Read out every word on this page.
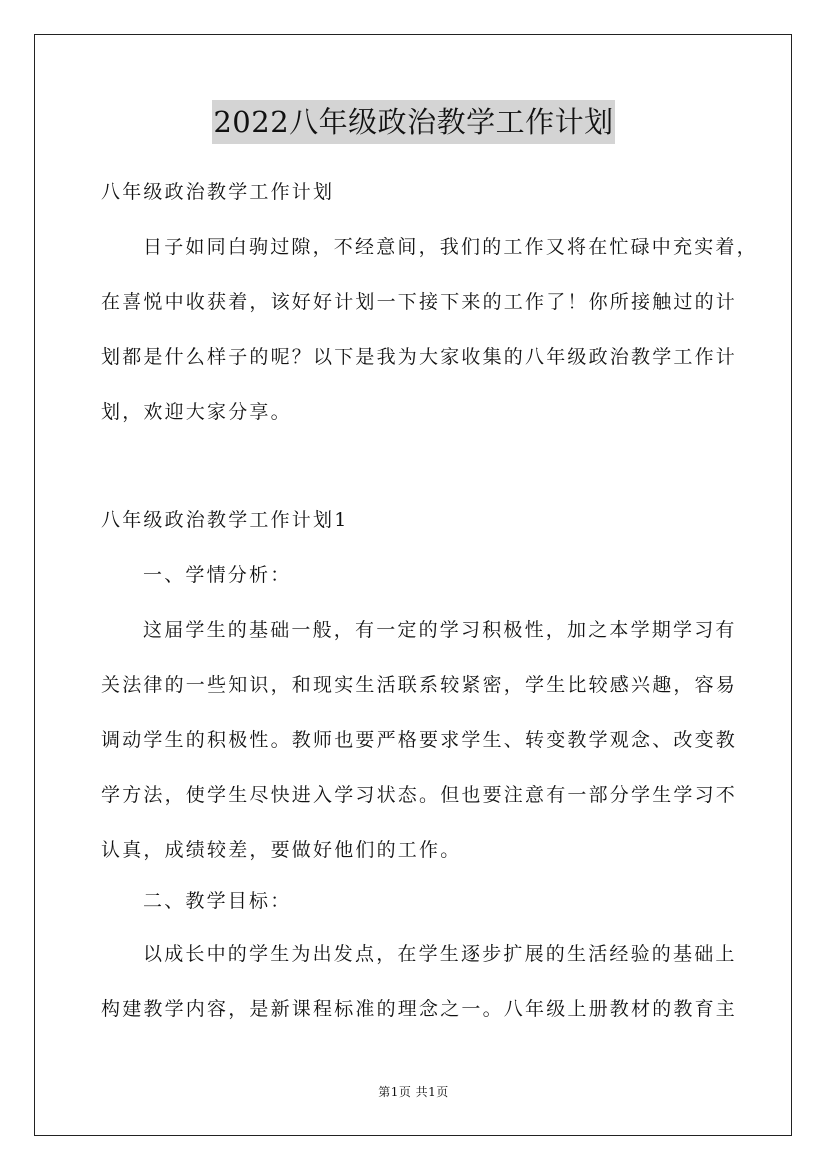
2022八年级政治教学工作计划
八年级政治教学工作计划
日子如同白驹过隙，不经意间，我们的工作又将在忙碌中充实着，
在喜悦中收获着，该好好计划一下接下来的工作了！你所接触过的计
划都是什么样子的呢？以下是我为大家收集的八年级政治教学工作计
划，欢迎大家分享。
八年级政治教学工作计划1
一、学情分析：
这届学生的基础一般，有一定的学习积极性，加之本学期学习有
关法律的一些知识，和现实生活联系较紧密，学生比较感兴趣，容易
调动学生的积极性。教师也要严格要求学生、转变教学观念、改变教
学方法，使学生尽快进入学习状态。但也要注意有一部分学生学习不
认真，成绩较差，要做好他们的工作。
二、教学目标：
以成长中的学生为出发点，在学生逐步扩展的生活经验的基础上
构建教学内容，是新课程标准的理念之一。八年级上册教材的教育主
第1页 共1页
